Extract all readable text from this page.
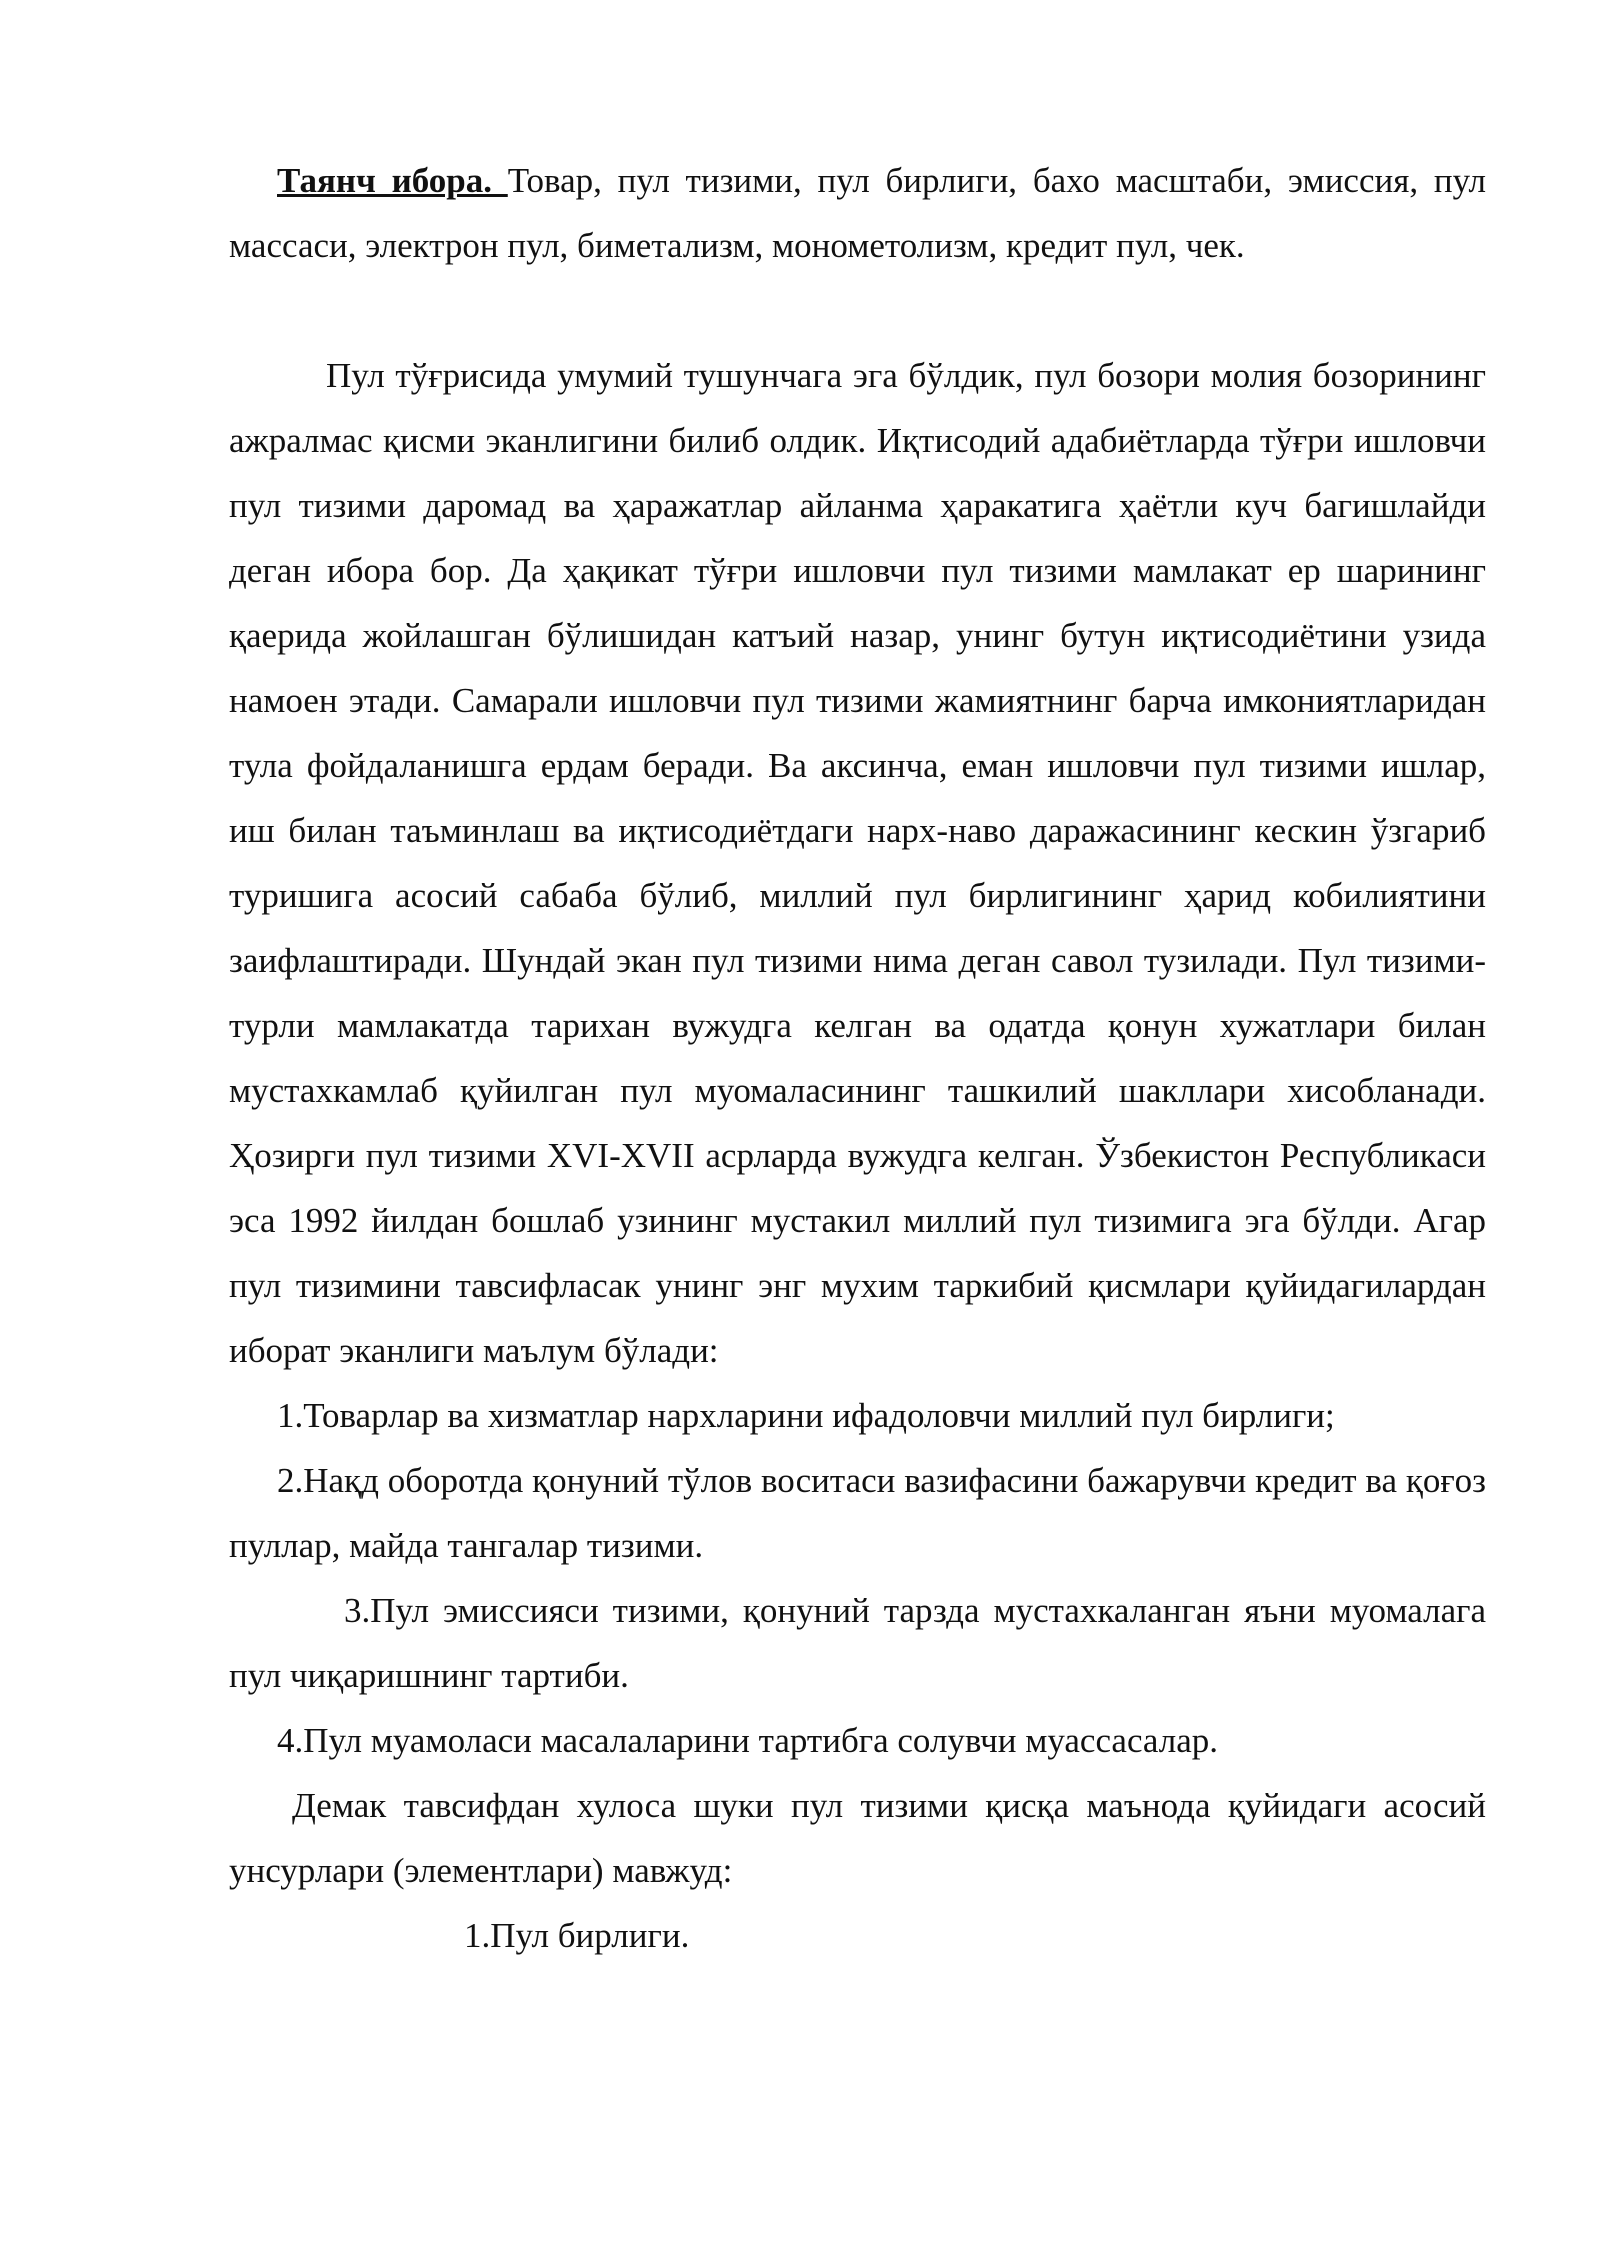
Таянч ибора. Товар, пул тизими, пул бирлиги, бахо масштаби, эмиссия, пул массаси, электрон пул, биметализм, монометолизм, кредит пул, чек.

Пул тўғрисида умумий тушунчага эга бўлдик, пул бозори молия бозорининг ажралмас қисми эканлигини билиб олдик. Иқтисодий адабиётларда тўғри ишловчи пул тизими даромад ва ҳаражатлар айланма ҳаракатига ҳаётли куч багишлайди деган ибора бор. Да ҳақикат тўғри ишловчи пул тизими мамлакат ер шарининг қаерида жойлашган бўлишидан катъий назар, унинг бутун иқтисодиётини узида намоен этади. Самарали ишловчи пул тизими жамиятнинг барча имкониятларидан тула фойдаланишга ердам беради. Ва аксинча, еман ишловчи пул тизими ишлар, иш билан таъминлаш ва иқтисодиётдаги нарх-наво даражасининг кескин ўзгариб туришига асосий сабаба бўлиб, миллий пул бирлигининг ҳарид кобилиятини заифлаштиради. Шундай экан пул тизими нима деган савол тузилади. Пул тизими-турли мамлакатда тарихан вужудга келган ва одатда қонун хужатлари билан мустахкамлаб қуйилган пул муомаласининг ташкилий шакллари хисобланади. Ҳозирги пул тизими XVI-XVII асрларда вужудга келган. Ўзбекистон Республикаси эса 1992 йилдан бошлаб узининг мустакил миллий пул тизимига эга бўлди. Агар пул тизимини тавсифласак унинг энг мухим таркибий қисмлари қуйидагилардан иборат эканлиги маълум бўлади:

1.Товарлар ва хизматлар нархларини ифадоловчи миллий пул бирлиги;

2.Нақд оборотда қонуний тўлов воситаси вазифасини бажарувчи кредит ва қоғоз пуллар, майда тангалар тизими.

3.Пул эмиссияси тизими, қонуний тарзда мустахкаланган яъни муомалага пул чиқаришнинг тартиби.

4.Пул муамоласи масалаларини тартибга солувчи муассасалар.

Демак тавсифдан хулоса шуки пул тизими қисқа маънода қуйидаги асосий унсурлари (элементлари) мавжуд:

1.Пул бирлиги.
